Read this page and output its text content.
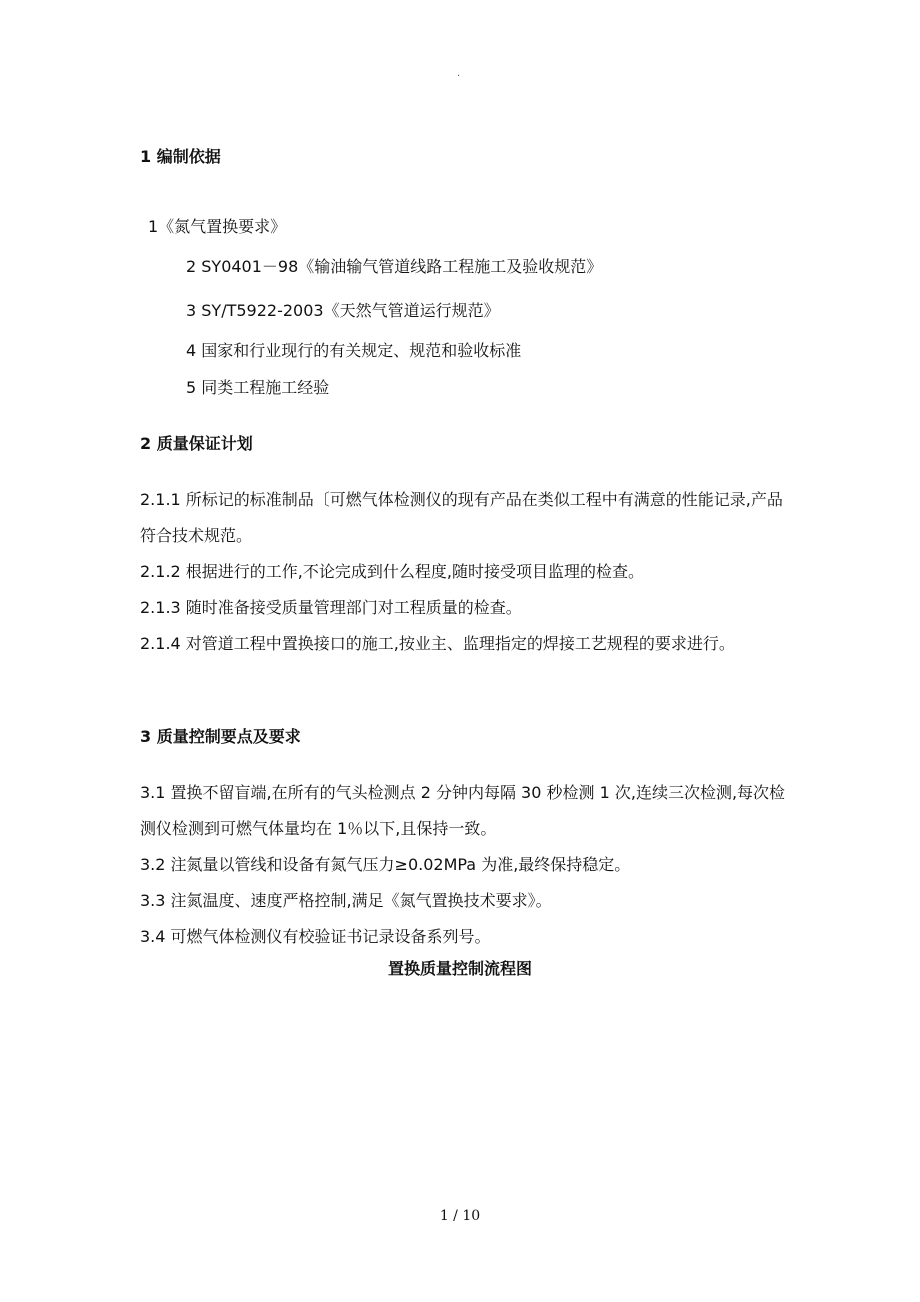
.
1 编制依据
1《氮气置换要求》
2 SY0401－98《输油输气管道线路工程施工及验收规范》
3 SY/T5922-2003《天然气管道运行规范》
4 国家和行业现行的有关规定、规范和验收标准
5 同类工程施工经验
2 质量保证计划
2.1.1 所标记的标准制品〔可燃气体检测仪的现有产品在类似工程中有满意的性能记录,产品符合技术规范。
2.1.2 根据进行的工作,不论完成到什么程度,随时接受项目监理的检查。
2.1.3 随时准备接受质量管理部门对工程质量的检查。
2.1.4 对管道工程中置换接口的施工,按业主、监理指定的焊接工艺规程的要求进行。
3 质量控制要点及要求
3.1 置换不留盲端,在所有的气头检测点 2 分钟内每隔 30 秒检测 1 次,连续三次检测,每次检测仪检测到可燃气体量均在 1％以下,且保持一致。
3.2 注氮量以管线和设备有氮气压力≥0.02MPa 为准,最终保持稳定。
3.3 注氮温度、速度严格控制,满足《氮气置换技术要求》。
3.4 可燃气体检测仪有校验证书记录设备系列号。
置换质量控制流程图
1 / 10
